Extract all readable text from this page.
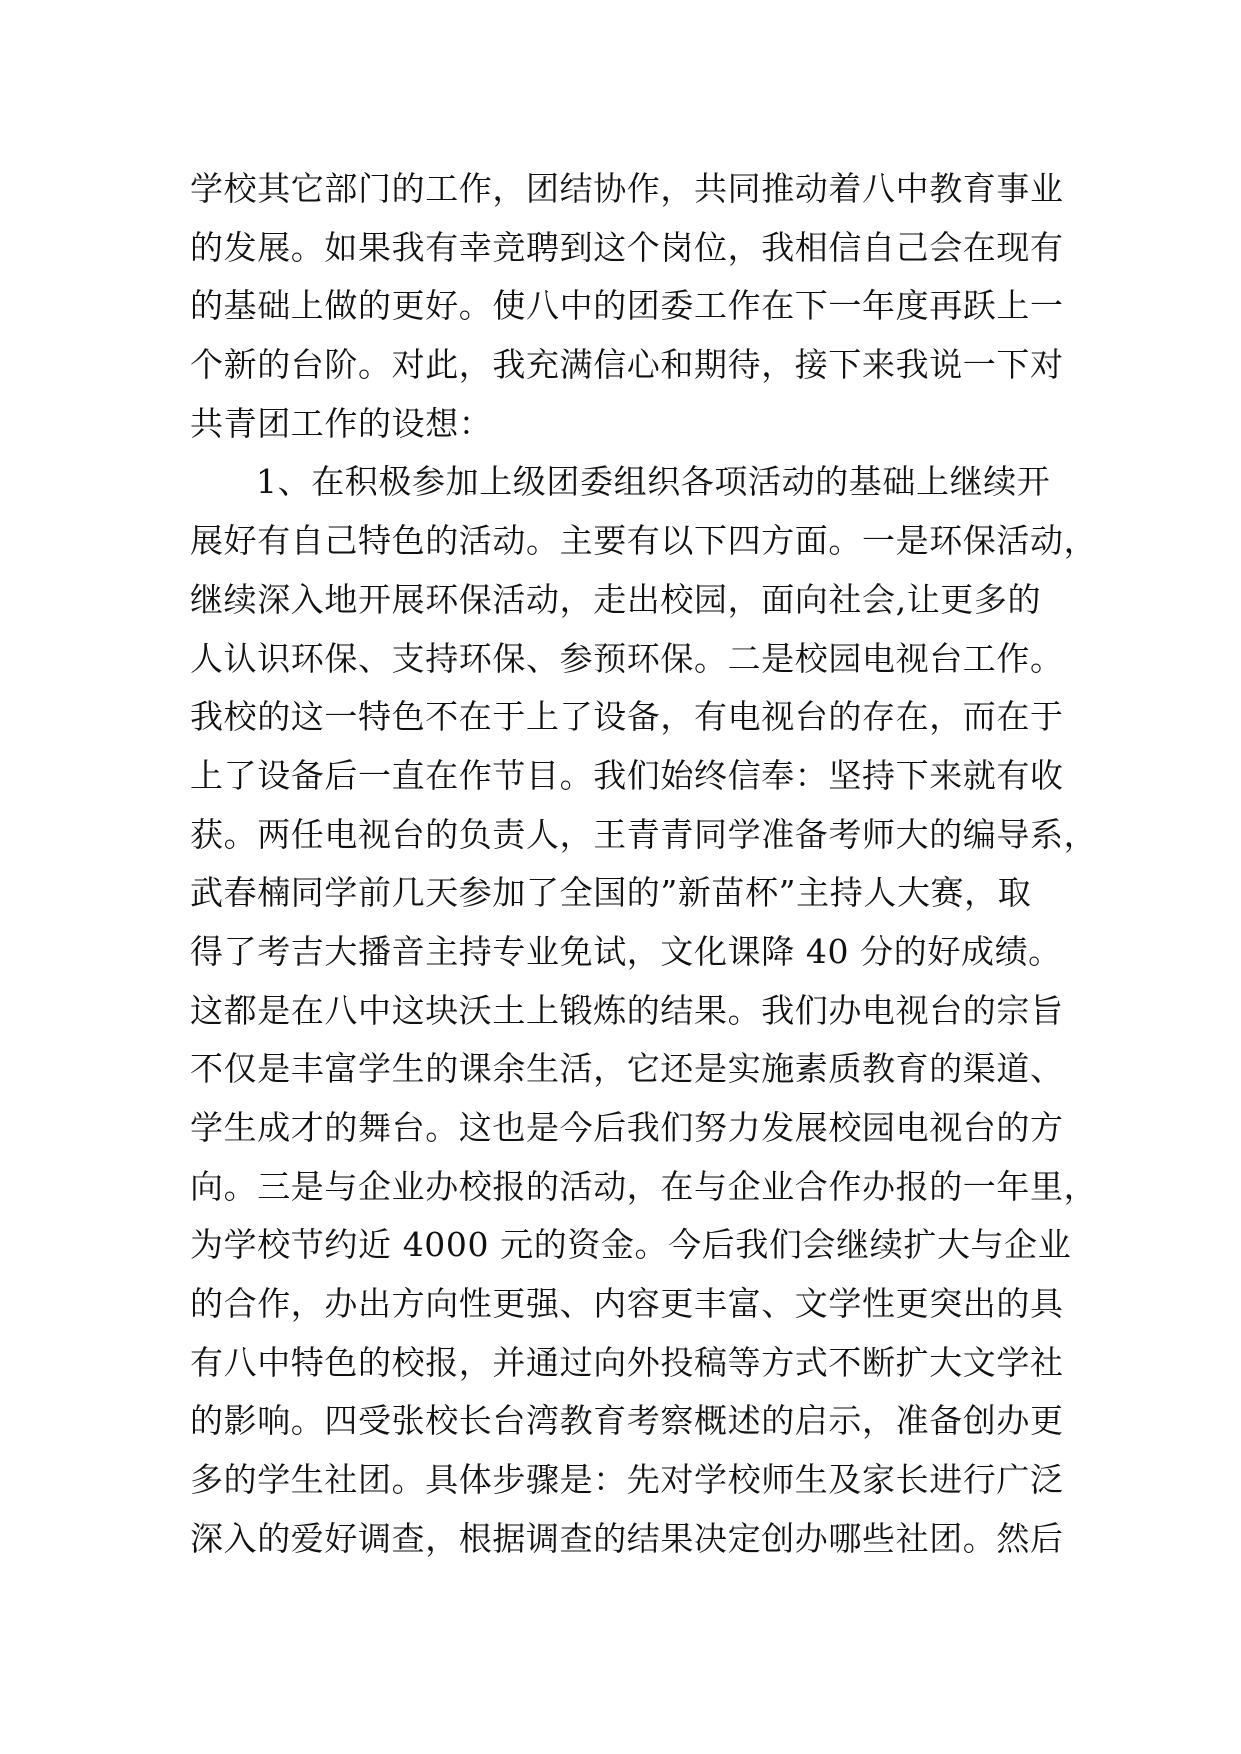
学校其它部门的工作，团结协作，共同推动着八中教育事业
的发展。如果我有幸竞聘到这个岗位，我相信自己会在现有
的基础上做的更好。使八中的团委工作在下一年度再跃上一
个新的台阶。对此，我充满信心和期待，接下来我说一下对
共青团工作的设想：
1、在积极参加上级团委组织各项活动的基础上继续开
展好有自己特色的活动。主要有以下四方面。一是环保活动，
继续深入地开展环保活动，走出校园，面向社会,让更多的
人认识环保、支持环保、参预环保。二是校园电视台工作。
我校的这一特色不在于上了设备，有电视台的存在，而在于
上了设备后一直在作节目。我们始终信奉：坚持下来就有收
获。两任电视台的负责人，王青青同学准备考师大的编导系，
武春楠同学前几天参加了全国的”新苗杯”主持人大赛，取
得了考吉大播音主持专业免试，文化课降 40 分的好成绩。
这都是在八中这块沃土上锻炼的结果。我们办电视台的宗旨
不仅是丰富学生的课余生活，它还是实施素质教育的渠道、
学生成才的舞台。这也是今后我们努力发展校园电视台的方
向。三是与企业办校报的活动，在与企业合作办报的一年里，
为学校节约近 4000 元的资金。今后我们会继续扩大与企业
的合作，办出方向性更强、内容更丰富、文学性更突出的具
有八中特色的校报，并通过向外投稿等方式不断扩大文学社
的影响。四受张校长台湾教育考察概述的启示，准备创办更
多的学生社团。具体步骤是：先对学校师生及家长进行广泛
深入的爱好调查，根据调查的结果决定创办哪些社团。然后
